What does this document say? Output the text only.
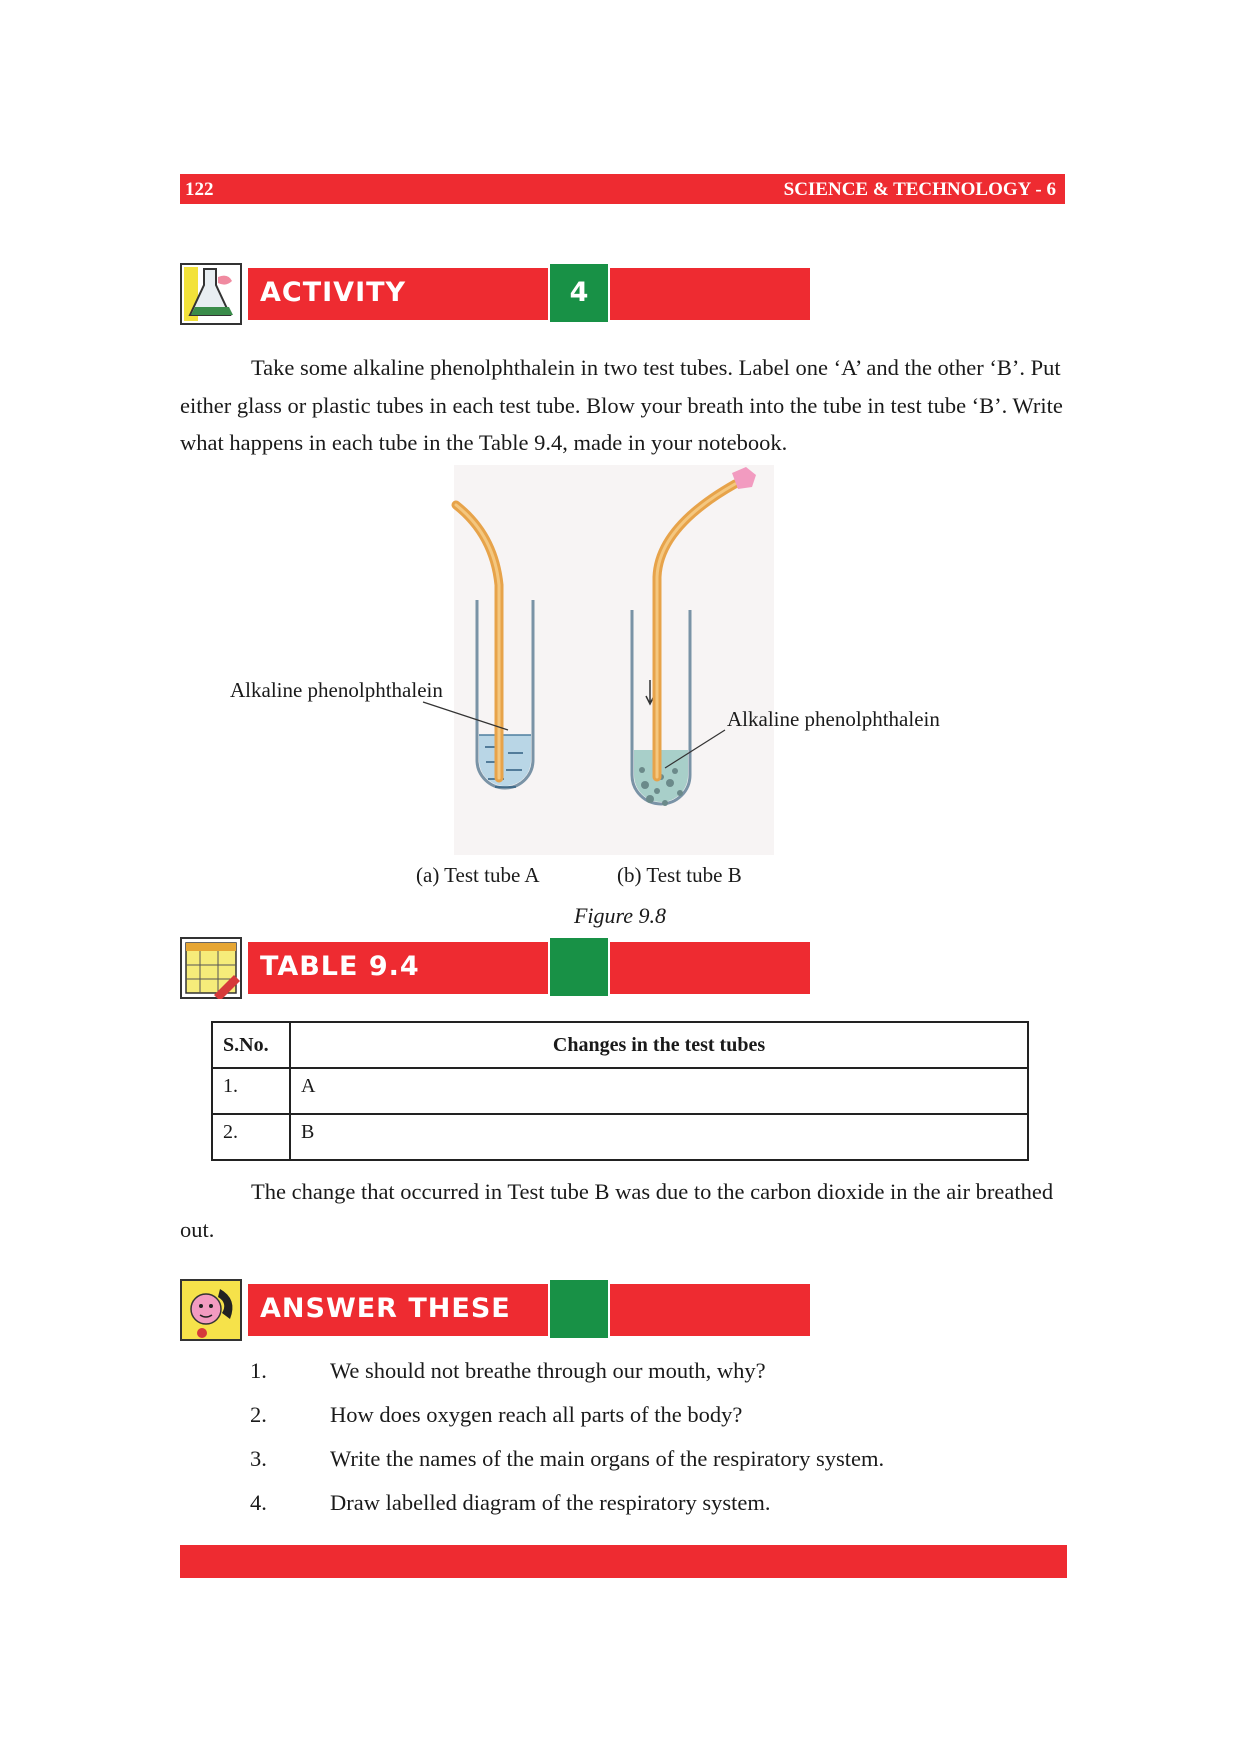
122	SCIENCE & TECHNOLOGY - 6
ACTIVITY	4

Take some alkaline phenolphthalein in two test tubes. Label one ‘A’ and the other ‘B’. Put either glass or plastic tubes in each test tube. Blow your breath into the tube in test tube ‘B’. Write what happens in each tube in the Table 9.4, made in your notebook.

Alkaline phenolphthalein
Alkaline phenolphthalein
(a) Test tube A	(b) Test tube B
Figure 9.8
TABLE 9.4
S.No.	Changes in the test tubes
1.	A
2.	B

The change that occurred in Test tube B was due to the carbon dioxide in the air breathed out.

ANSWER THESE
1.	We should not breathe through our mouth, why?
2.	How does oxygen reach all parts of the body?
3.	Write the names of the main organs of the respiratory system.
4.	Draw labelled diagram of the respiratory system.
